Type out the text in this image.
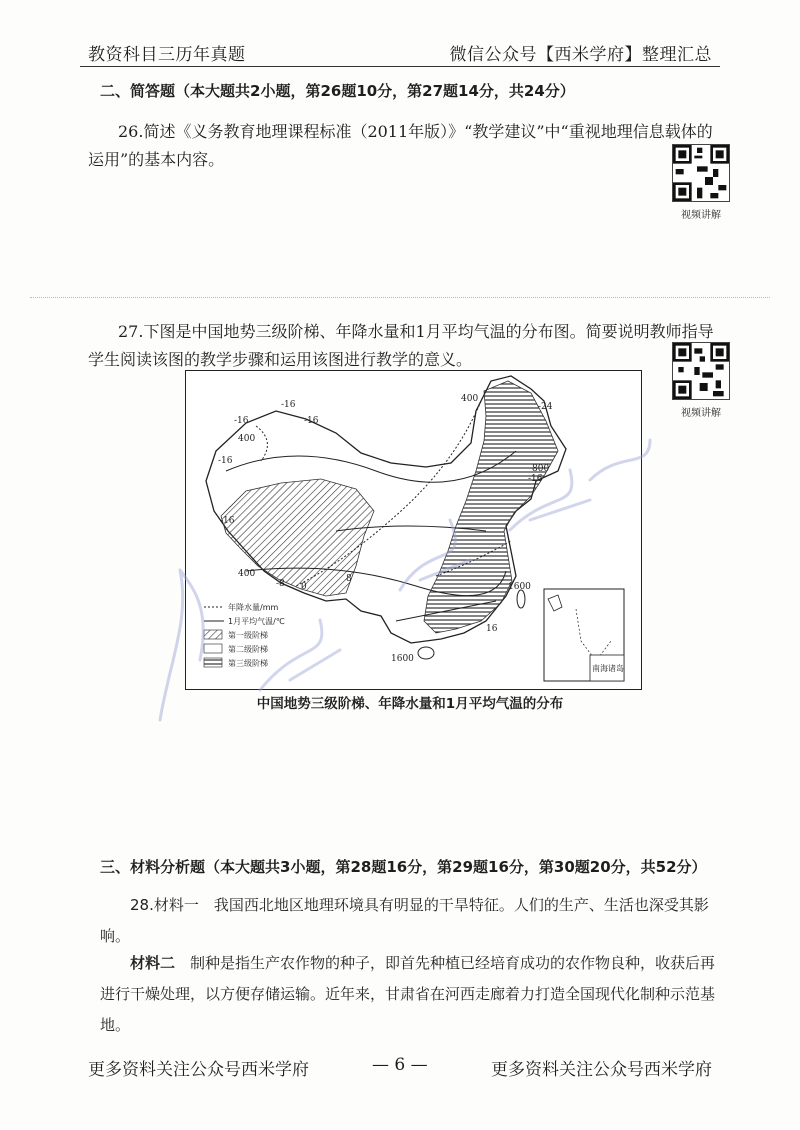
教资科目三历年真题	微信公众号【西米学府】整理汇总
二、简答题（本大题共2小题，第26题10分，第27题14分，共24分）
26.简述《义务教育地理课程标准（2011年版）》“教学建议”中“重视地理信息载体的运用”的基本内容。
视频讲解
27.下图是中国地势三级阶梯、年降水量和1月平均气温的分布图。简要说明教师指导学生阅读该图的教学步骤和运用该图进行教学的意义。
视频讲解
-16
-16	-16
-16
-16
-16
-24
-8 0
8
16
400
400
400
800
1600
1600
年降水量/mm
1月平均气温/℃
第一级阶梯
第二级阶梯
第三级阶梯
南海诸岛
中国地势三级阶梯、年降水量和1月平均气温的分布
三、材料分析题（本大题共3小题，第28题16分，第29题16分，第30题20分，共52分）
28.材料一　我国西北地区地理环境具有明显的干旱特征。人们的生产、生活也深受其影响。
材料二　 制种是指生产农作物的种子，即首先种植已经培育成功的农作物良种，收获后再进行干燥处理，以方便存储运输。近年来，甘肃省在河西走廊着力打造全国现代化制种示范基地。
更多资料关注公众号西米学府	— 6 —	更多资料关注公众号西米学府
